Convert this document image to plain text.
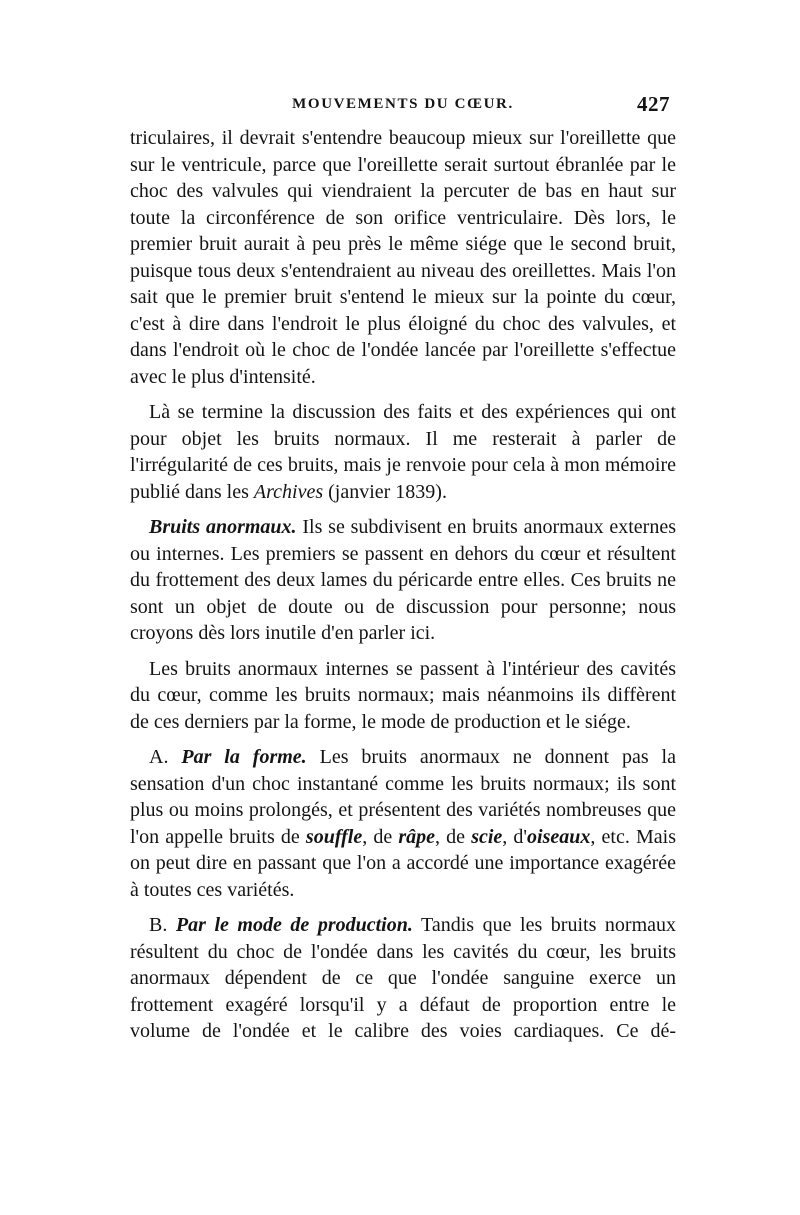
MOUVEMENTS DU CŒUR.	427

triculaires, il devrait s'entendre beaucoup mieux sur l'oreillette que sur le ventricule, parce que l'oreillette serait surtout ébranlée par le choc des valvules qui viendraient la percuter de bas en haut sur toute la circonférence de son orifice ventriculaire. Dès lors, le premier bruit aurait à peu près le même siége que le second bruit, puisque tous deux s'entendraient au niveau des oreillettes. Mais l'on sait que le premier bruit s'entend le mieux sur la pointe du cœur, c'est à dire dans l'endroit le plus éloigné du choc des valvules, et dans l'endroit où le choc de l'ondée lancée par l'oreillette s'effectue avec le plus d'intensité.

Là se termine la discussion des faits et des expériences qui ont pour objet les bruits normaux. Il me resterait à parler de l'irrégularité de ces bruits, mais je renvoie pour cela à mon mémoire publié dans les Archives (janvier 1839).

Bruits anormaux. Ils se subdivisent en bruits anormaux externes ou internes. Les premiers se passent en dehors du cœur et résultent du frottement des deux lames du péricarde entre elles. Ces bruits ne sont un objet de doute ou de discussion pour personne; nous croyons dès lors inutile d'en parler ici.

Les bruits anormaux internes se passent à l'intérieur des cavités du cœur, comme les bruits normaux; mais néanmoins ils diffèrent de ces derniers par la forme, le mode de production et le siége.

A. Par la forme. Les bruits anormaux ne donnent pas la sensation d'un choc instantané comme les bruits normaux; ils sont plus ou moins prolongés, et présentent des variétés nombreuses que l'on appelle bruits de souffle, de râpe, de scie, d'oiseaux, etc. Mais on peut dire en passant que l'on a accordé une importance exagérée à toutes ces variétés.

B. Par le mode de production. Tandis que les bruits normaux résultent du choc de l'ondée dans les cavités du cœur, les bruits anormaux dépendent de ce que l'ondée sanguine exerce un frottement exagéré lorsqu'il y a défaut de proportion entre le volume de l'ondée et le calibre des voies cardiaques. Ce dé-
